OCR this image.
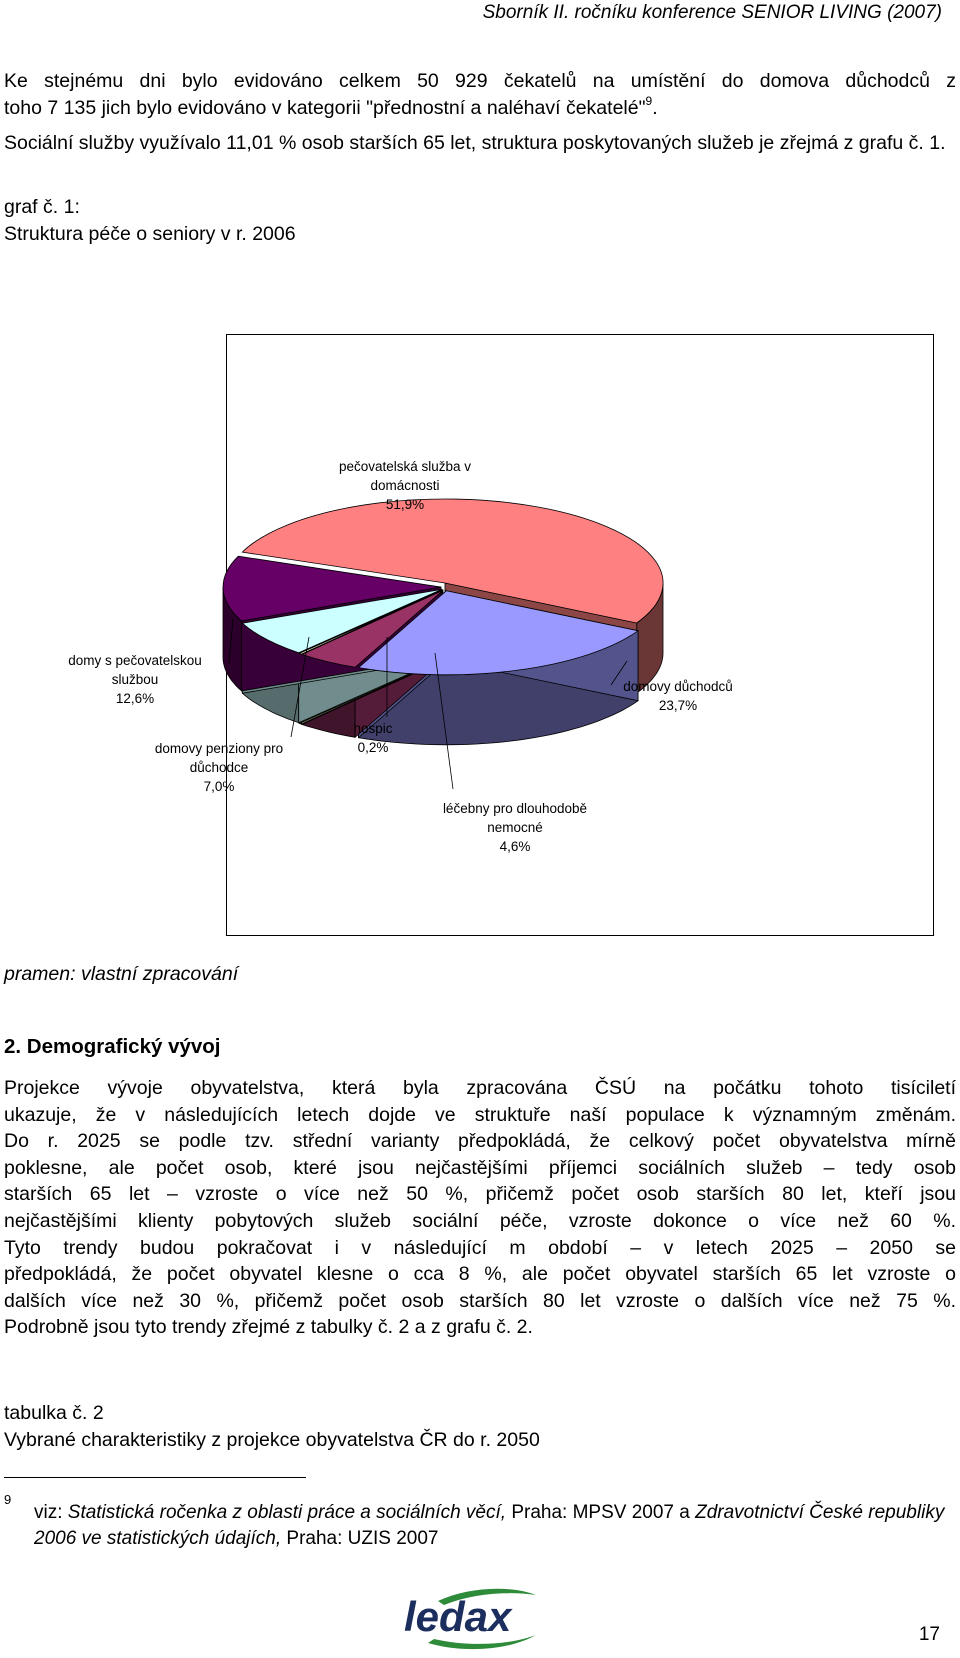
Sborník II. ročníku konference SENIOR LIVING (2007)

Ke stejnému dni bylo evidováno celkem 50 929 čekatelů na umístění do domova důchodců z
toho 7 135 jich bylo evidováno v kategorii "přednostní a naléhaví čekatelé"$^9$.

Sociální služby využívalo 11,01 % osob starších 65 let, struktura poskytovaných služeb je zřejmá z grafu č. 1.

graf č. 1:
Struktura péče o seniory v r. 2006

pečovatelská služba v domácnosti 51,9%
domovy důchodců 23,7%
léčebny pro dlouhodobě nemocné 4,6%
hospic 0,2%
domovy penziony pro důchodce 7,0%
domy s pečovatelskou službou 12,6%
pramen: vlastní zpracování
2. Demografický vývoj
Projekce vývoje obyvatelstva, která byla zpracována ČSÚ na počátku tohoto tisíciletí
ukazuje, že v následujících letech dojde ve struktuře naší populace k významným změnám.
Do r. 2025 se podle tzv. střední varianty předpokládá, že celkový počet obyvatelstva mírně
poklesne, ale počet osob, které jsou nejčastějšími příjemci sociálních služeb – tedy osob
starších 65 let – vzroste o více než 50 %, přičemž počet osob starších 80 let, kteří jsou
nejčastějšími klienty pobytových služeb sociální péče, vzroste dokonce o více než 60 %.
Tyto trendy budou pokračovat i v následující m období – v letech 2025 – 2050 se
předpokládá, že počet obyvatel klesne o cca 8 %, ale počet obyvatel starších 65 let vzroste o
dalších více než 30 %, přičemž počet osob starších 80 let vzroste o dalších více než 75 %.
Podrobně jsou tyto trendy zřejmé z tabulky č. 2 a z grafu č. 2.
tabulka č. 2
Vybrané charakteristiky z projekce obyvatelstva ČR do r. 2050
9
viz: Statistická ročenka z oblasti práce a sociálních věcí, Praha: MPSV 2007 a Zdravotnictví České republiky 2006 ve statistických údajích, Praha: UZIS 2007
ledax	17
